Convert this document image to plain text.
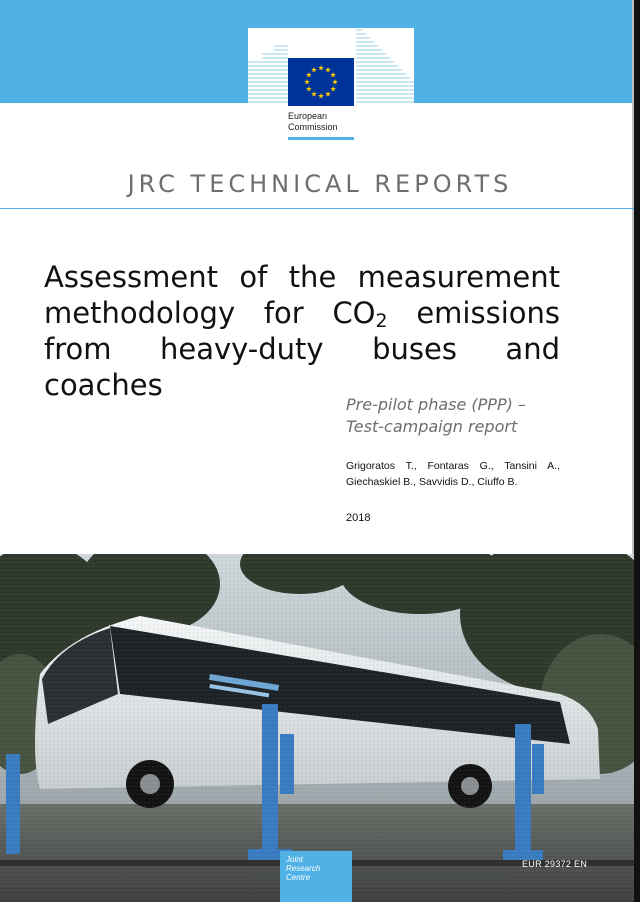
European
Commission
JRC TECHNICAL REPORTS
Assessment of the measurement methodology for $CO_2$ emissions from heavy-duty buses and coaches
Pre-pilot phase (PPP) –
Test-campaign report
Grigoratos T., Fontaras G., Tansini A., Giechaskiel B., Savvidis D., Ciuffo B.
2018
Joint
Research
Centre
EUR 29372 EN
